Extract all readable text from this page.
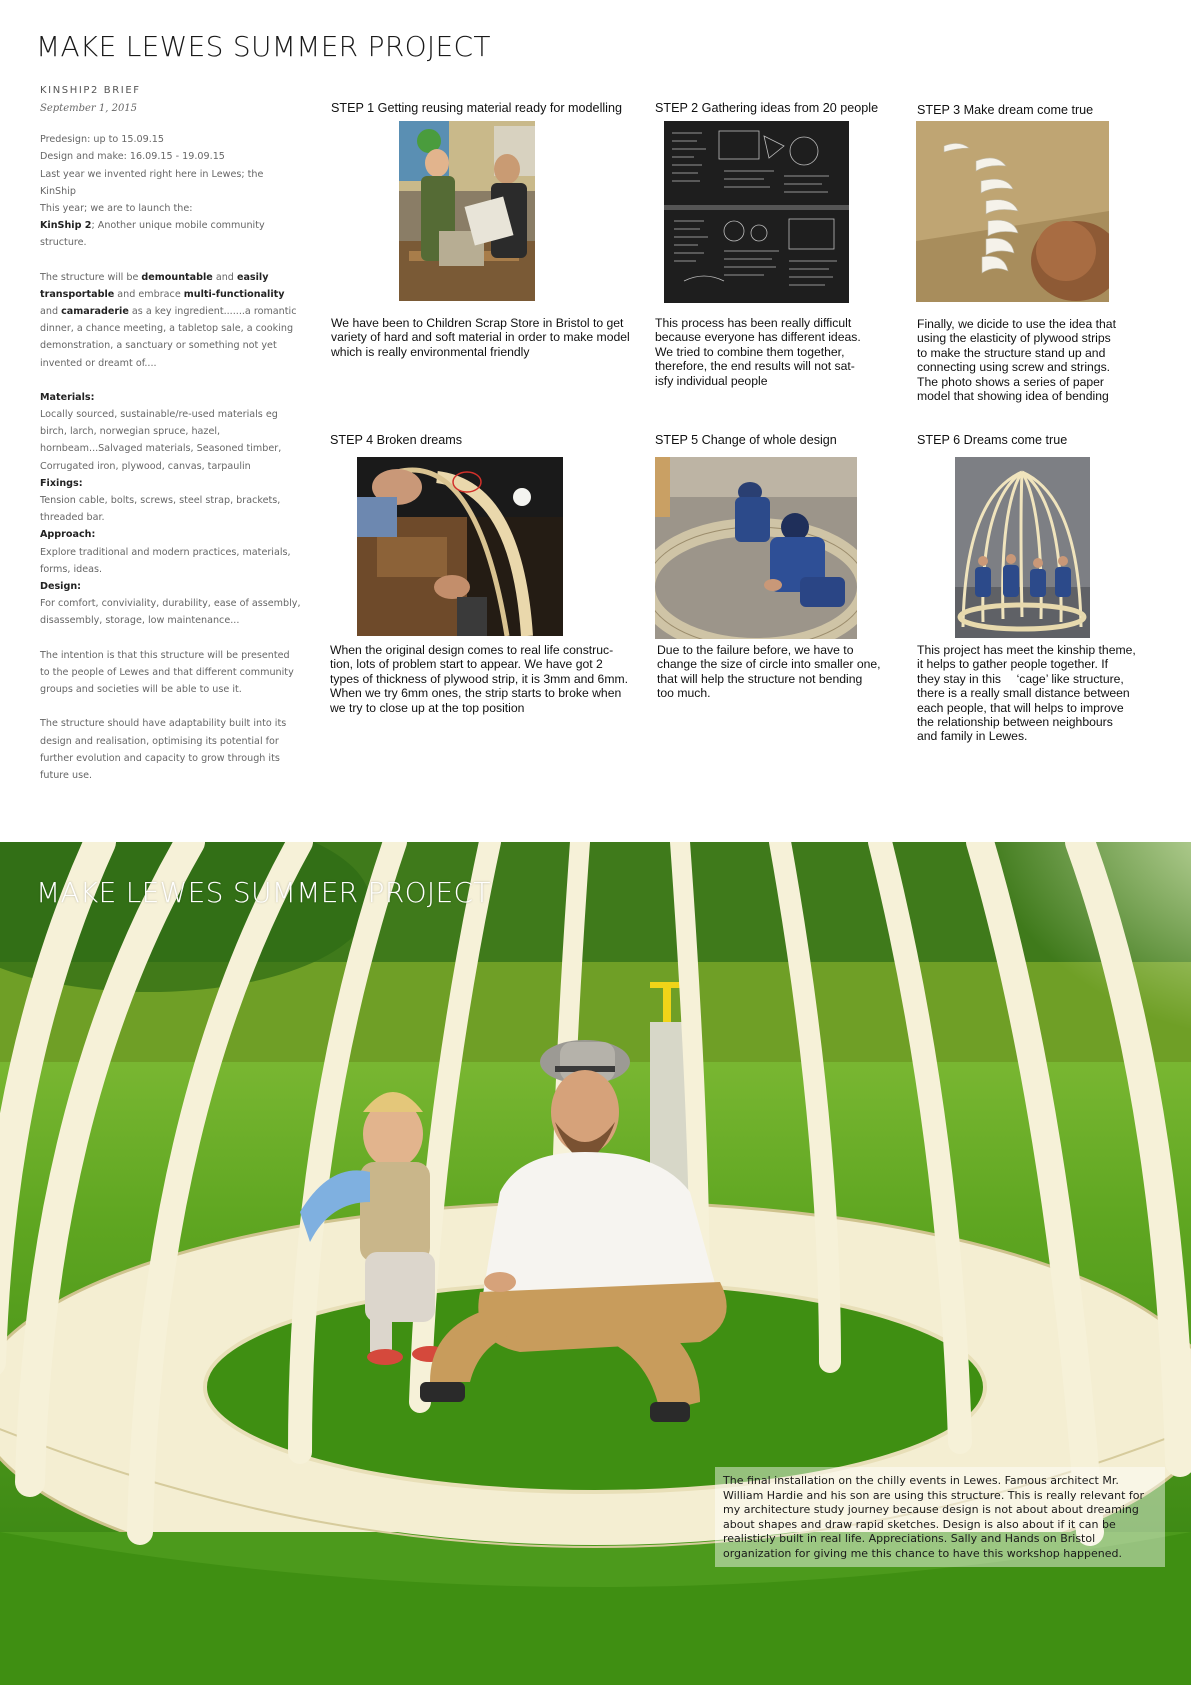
MAKE LEWES SUMMER PROJECT

KINSHIP2 BRIEF

September 1, 2015

Predesign: up to 15.09.15
Design and make: 16.09.15 - 19.09.15
Last year we invented right here in Lewes; the KinShip
This year; we are to launch the:
KinShip 2; Another unique mobile community structure.

The structure will be demountable and easily transportable and embrace multi-functionality and camaraderie as a key ingredient.......a romantic dinner, a chance meeting, a tabletop sale, a cooking demonstration, a sanctuary or something not yet invented or dreamt of....

Materials:
Locally sourced, sustainable/re-used materials eg birch, larch, norwegian spruce, hazel, hornbeam...Salvaged materials, Seasoned timber, Corrugated iron, plywood, canvas, tarpaulin

Fixings:
Tension cable, bolts, screws, steel strap, brackets, threaded bar.

Approach:
Explore traditional and modern practices, materials, forms, ideas.

Design:
For comfort, conviviality, durability, ease of assembly, disassembly, storage, low maintenance...

The intention is that this structure will be presented to the people of Lewes and that different community groups and societies will be able to use it.

The structure should have adaptability built into its design and realisation, optimising its potential for further evolution and capacity to grow through its future use.

STEP 1 Getting reusing material ready for modelling
We have been to Children Scrap Store in Bristol to get
variety of hard and soft material in order to make model
which is really environmental friendly
STEP 2 Gathering ideas from 20 people
This process has been really difficult
because everyone has different ideas.
We tried to combine them together,
therefore, the end results will not sat-
isfy individual people
STEP 3 Make dream come true
Finally, we dicide to use the idea that
using the elasticity of plywood strips
to make the structure stand up and
connecting using screw and strings.
The photo shows a series of paper
model that showing idea of bending
STEP 4 Broken dreams
When the original design comes to real life construc-
tion, lots of problem start to appear. We have got 2
types of thickness of plywood strip, it is 3mm and 6mm.
When we try 6mm ones, the strip starts to broke when
we try to close up at the top position
STEP 5 Change of whole design
Due to the failure before, we have to
change the size of circle into smaller one,
that will help the structure not bending
too much.
STEP 6 Dreams come true
This project has meet the kinship theme,
it helps to gather people together. If
they stay in this 　‘cage’ like structure,
there is a really small distance between
each people, that will helps to improve
the relationship between neighbours
and family in Lewes.
MAKE LEWES SUMMER PROJECT
The final installation on the chilly events in Lewes. Famous architect Mr. William Hardie and his son are using this structure. This is really relevant for my architecture study journey because design is not about about dreaming about shapes and draw rapid sketches. Design is also about if it can be realisticly built in real life. Appreciations. Sally and Hands on Bristol organization for giving me this chance to have this workshop happened.
